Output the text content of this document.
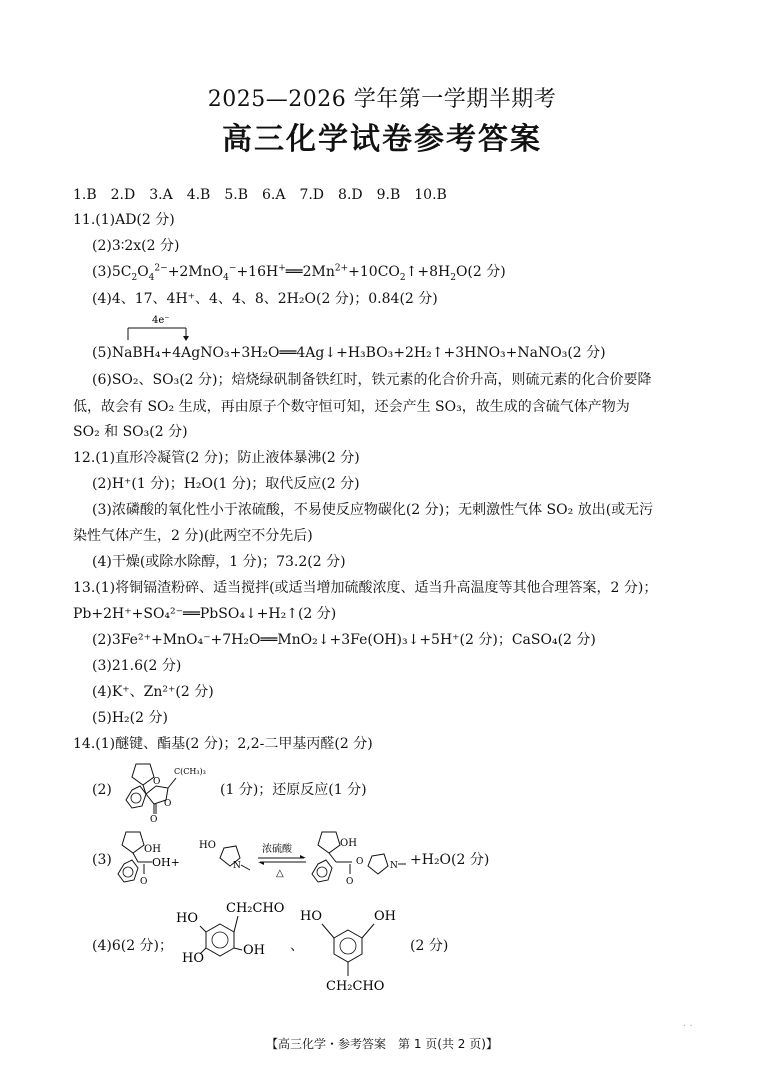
2025—2026 学年第一学期半期考
高三化学试卷参考答案
1.B　2.D　3.A　4.B　5.B　6.A　7.D　8.D　9.B　10.B
11.(1)AD(2 分)
(2)3∶2x(2 分)
$(3)5C_2O_4^{2-}+2MnO_4^-+16H^+══2Mn^{2+}+10CO_2↑+8H_2O(2$ 分)
(4)4、17、4H⁺、4、4、8、2H₂O(2 分)；0.84(2 分)
4e⁻
(5)NaBH₄+4AgNO₃+3H₂O══4Ag↓+H₃BO₃+2H₂↑+3HNO₃+NaNO₃(2 分)
(6)SO₂、SO₃(2 分)；焙烧绿矾制备铁红时，铁元素的化合价升高，则硫元素的化合价要降
低，故会有 SO₂ 生成，再由原子个数守恒可知，还会产生 SO₃，故生成的含硫气体产物为
SO₂ 和 SO₃(2 分)
12.(1)直形冷凝管(2 分)；防止液体暴沸(2 分)
(2)H⁺(1 分)；H₂O(1 分)；取代反应(2 分)
(3)浓磷酸的氧化性小于浓硫酸，不易使反应物碳化(2 分)；无刺激性气体 SO₂ 放出(或无污
染性气体产生，2 分)(此两空不分先后)
(4)干燥(或除水除醇，1 分)；73.2(2 分)
13.(1)将铜镉渣粉碎、适当搅拌(或适当增加硫酸浓度、适当升高温度等其他合理答案，2 分)；
Pb+2H⁺+SO₄²⁻══PbSO₄↓+H₂↑(2 分)
(2)3Fe²⁺+MnO₄⁻+7H₂O══MnO₂↓+3Fe(OH)₃↓+5H⁺(2 分)；CaSO₄(2 分)
(3)21.6(2 分)
(4)K⁺、Zn²⁺(2 分)
(5)H₂(2 分)
14.(1)醚键、酯基(2 分)；2,2-二甲基丙醛(2 分)
(2)	O
O
O
C(CH₃)₃
(1 分)；还原反应(1 分)
(3)
OH
OH+
O
HO
N
浓硫酸
△
OH
O
O	N +H₂O(2 分)
(4)6(2 分)；
HO
CH₂CHO
OH
HO
、
HO	OH
CH₂CHO
(2 分)
. .
【高三化学・参考答案　第 1 页(共 2 页)】
